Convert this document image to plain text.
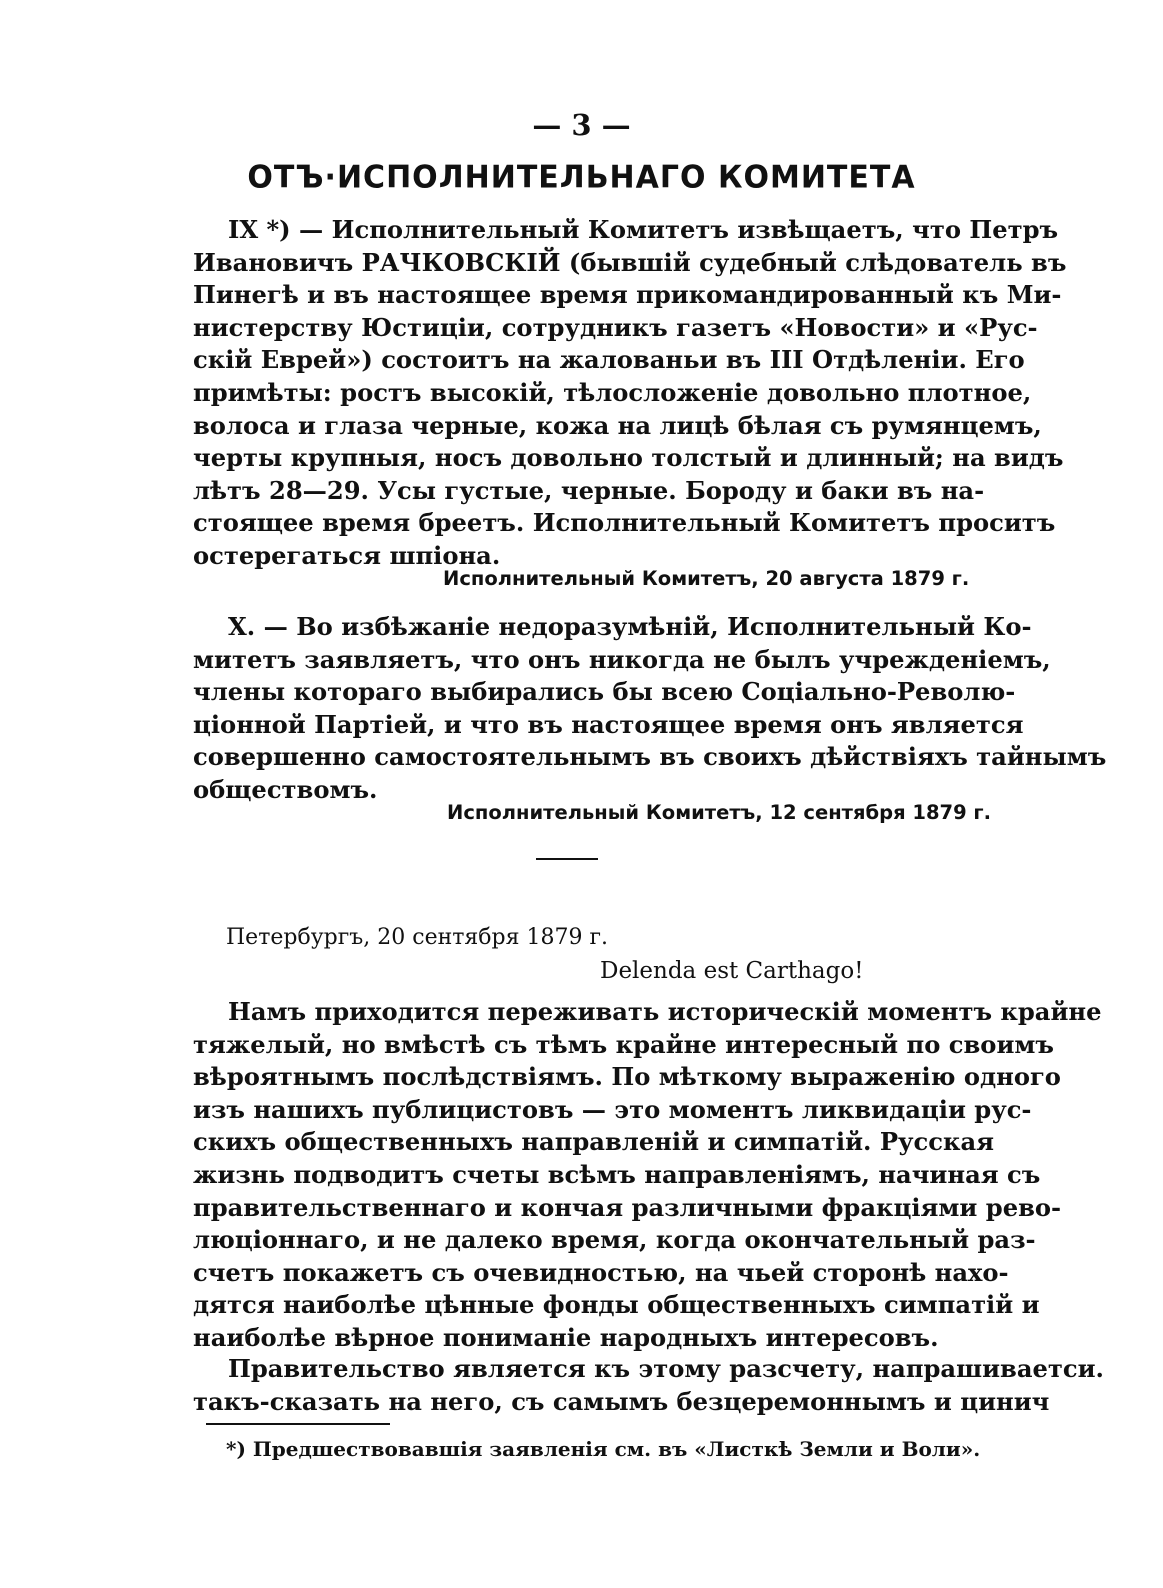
— 3 —
ОТЪ·ИСПОЛНИТЕЛЬНАГО КОМИТЕТА
IX *) — Исполнительный Комитетъ извѣщаетъ, что Петръ
Ивановичъ РАЧКОВСКІЙ (бывшій судебный слѣдователь въ
Пинегѣ и въ настоящее время прикомандированный къ Ми-
нистерству Юстиціи, сотрудникъ газетъ «Новости» и «Рус-
скій Еврей») состоитъ на жалованьи въ III Отдѣленіи. Его
примѣты: ростъ высокій, тѣлосложеніе довольно плотное,
волоса и глаза черные, кожа на лицѣ бѣлая съ румянцемъ,
черты крупныя, носъ довольно толстый и длинный; на видъ
лѣтъ 28—29. Усы густые, черные. Бороду и баки въ на-
стоящее время бреетъ. Исполнительный Комитетъ проситъ
остерегаться шпіона.
Исполнительный Комитетъ, 20 августа 1879 г.
X. — Во избѣжаніе недоразумѣній, Исполнительный Ко-
митетъ заявляетъ, что онъ никогда не былъ учрежденіемъ,
члены котораго выбирались бы всею Соціально-Револю-
ціонной Партіей, и что въ настоящее время онъ является
совершенно самостоятельнымъ въ своихъ дѣйствіяхъ тайнымъ
обществомъ.
Исполнительный Комитетъ, 12 сентября 1879 г.
Петербургъ, 20 сентября 1879 г.
Delenda est Carthago!
Намъ приходится переживать историческій моментъ крайне
тяжелый, но вмѣстѣ съ тѣмъ крайне интересный по своимъ
вѣроятнымъ послѣдствіямъ. По мѣткому выраженію одного
изъ нашихъ публицистовъ — это моментъ ликвидаціи рус-
скихъ общественныхъ направленій и симпатій. Русская
жизнь подводитъ счеты всѣмъ направленіямъ, начиная съ
правительственнаго и кончая различными фракціями рево-
люціоннаго, и не далеко время, когда окончательный раз-
счетъ покажетъ съ очевидностью, на чьей сторонѣ нахо-
дятся наиболѣе цѣнные фонды общественныхъ симпатій и
наиболѣе вѣрное пониманіе народныхъ интересовъ.
Правительство является къ этому разсчету, напрашиваетси.
такъ-сказать на него, съ самымъ безцеремоннымъ и цинич
*) Предшествовавшія заявленія см. въ «Листкѣ Земли и Воли».
